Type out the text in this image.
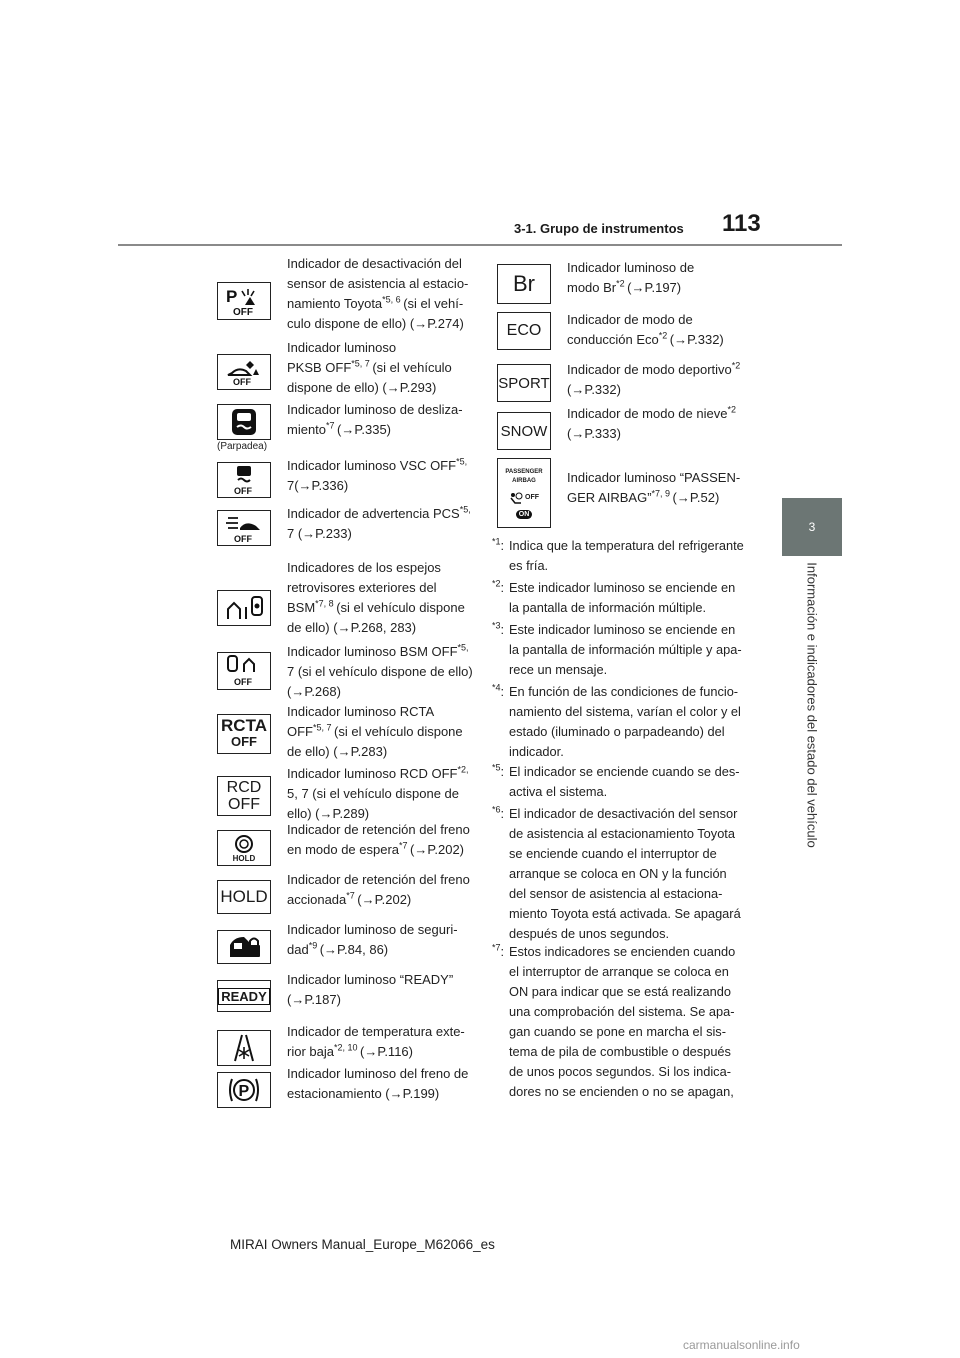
113
3-1. Grupo de instrumentos
3
Información e indicadores del estado del vehículo
P
OFF

Indicador de desactivación del

sensor de asistencia al estacio-

namiento Toyota$^{*5, 6}$ (si el vehí-

culo dispone de ello) (→P.274)

OFF

Indicador luminoso

PKSB OFF$^{*5, 7}$ (si el vehículo

dispone de ello) (→P.293)

(Parpadea)

Indicador luminoso de desliza-

miento$^{*7}$ (→P.335)

OFF

Indicador luminoso VSC $OFF^{*5,}$

7(→P.336)

OFF

Indicador de advertencia $PCS^{*5,}$

7 (→P.233)

Indicadores de los espejos

retrovisores exteriores del

BSM$^{*7, 8}$ (si el vehículo dispone

de ello) (→P.268, 283)

OFF

Indicador luminoso BSM $OFF^{*5,}$

7 (si el vehículo dispone de ello)

(→P.268)

RCTA
OFF

Indicador luminoso RCTA

OFF$^{*5, 7}$ (si el vehículo dispone

de ello) (→P.283)

RCD
OFF

Indicador luminoso RCD $OFF^{*2,}$

5, 7 (si el vehículo dispone de

ello) (→P.289)

HOLD

Indicador de retención del freno

en modo de espera$^{*7}$ (→P.202)

HOLD

Indicador de retención del freno

accionada$^{*7}$ (→P.202)

Indicador luminoso de seguri-

dad$^{*9}$ (→P.84, 86)

READY

Indicador luminoso “READY”

(→P.187)

Indicador de temperatura exte-

rior baja$^{*2, 10}$ (→P.116)

P

Indicador luminoso del freno de

estacionamiento (→P.199)

Br

Indicador luminoso de

modo Br$^{*2}$ (→P.197)

ECO

Indicador de modo de

conducción Eco$^{*2}$ (→P.332)

SPORT

Indicador de modo deportivo$^{*2}$

(→P.332)

SNOW

Indicador de modo de nieve$^{*2}$

(→P.333)

PASSENGER
AIRBAG
OFF
ON

Indicador luminoso “PASSEN-

GER AIRBAG”$^{*7, 9}$ (→P.52)

$^{*1}$: Indica que la temperatura del refrigerante
es fría.
$^{*2}$: Este indicador luminoso se enciende en
la pantalla de información múltiple.
$^{*3}$: Este indicador luminoso se enciende en
la pantalla de información múltiple y apa-
rece un mensaje.
$^{*4}$: En función de las condiciones de funcio-
namiento del sistema, varían el color y el
estado (iluminado o parpadeando) del
indicador.
$^{*5}$: El indicador se enciende cuando se des-
activa el sistema.
$^{*6}$: El indicador de desactivación del sensor
de asistencia al estacionamiento Toyota
se enciende cuando el interruptor de
arranque se coloca en ON y la función
del sensor de asistencia al estaciona-
miento Toyota está activada. Se apagará
después de unos segundos.
$^{*7}$: Estos indicadores se encienden cuando
el interruptor de arranque se coloca en
ON para indicar que se está realizando
una comprobación del sistema. Se apa-
gan cuando se pone en marcha el sis-
tema de pila de combustible o después
de unos pocos segundos. Si los indica-
dores no se encienden o no se apagan,
MIRAI Owners Manual_Europe_M62066_es
carmanualsonline.info
